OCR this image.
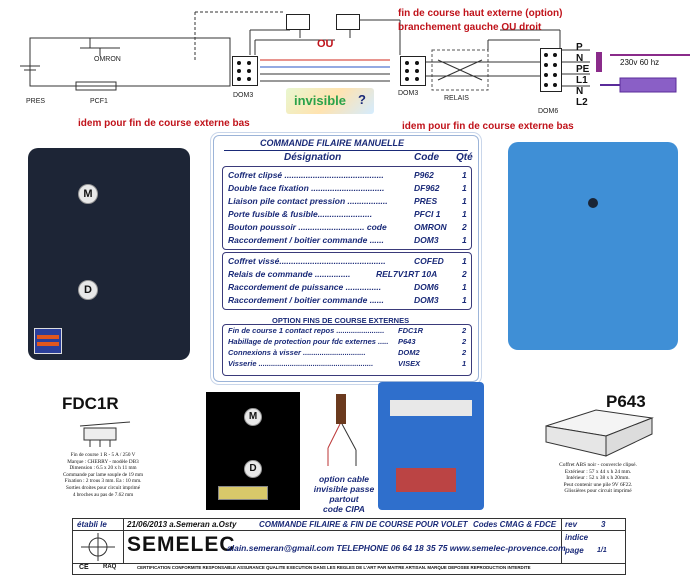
OMRON
PRES	PCF1
DOM3
OU
fin de course haut externe (option)
branchement gauche OU droit
DOM3
RELAIS
DOM6
P
N
PE
L1
N
L2
230v 60 hz
invisible ?
idem pour fin de course externe bas	idem pour fin de course externe bas
M
D
COMMANDE FILAIRE MANUELLE
Désignation	Code Qté
Coffret clipsé ..........................................	P962	1
Double face fixation ...............................	DF962	1
Liaison pile contact pression .................	PRES	1
Porte fusible & fusible.......................	PFCI 1	1
Bouton poussoir ............................ code	OMRON 2
Raccordement / boitier commande ......	DOM3	1
Coffret vissé.............................................	COFED 1
Relais de commande ...............	REL7V1RT 10A	2
Raccordement de puissance ...............	DOM6	1
Raccordement / boitier commande ......	DOM3	1
OPTION FINS DE COURSE EXTERNES
Fin de course 1 contact repos ....................... FDC1R	2
Habillage de protection pour fdc externes ..... P643	2
Connexions à visser ..............................	DOM2	2
Visserie .......................................................	VISEX	1
FDC1R
Fin de course 1 R - 5 A / 250 V
Marque : CHERRY - modèle DB3
Dimension : 6.5 x 20 x h 11 mm
Commande par lame souple de 19 mm
Fixation : 2 trous 3 mm. Ea : 10 mm.
Sorties droites pour circuit imprimé
4 broches au pas de 7.62 mm
M
D
option cable
invisible passe
partout
code CIPA
P643
Coffret ABS noir - couvercle clipsé.
Extérieur : 57 x 44 x h 24 mm.
Intérieur : 52 x 38 x h 20mm.
Peut contenir une pile 9V 6F22.
Glissières pour circuit imprimé
établi le	21/06/2013 a.Semeran a.Osty	COMMANDE FILAIRE & FIN DE COURSE POUR VOLET Codes CMAG & FDCE rev	3
indice
page 1/1
SEMELEC
alain.semeran@gmail.com TELEPHONE 06 64 18 35 75 www.semelec-provence.com
CE RAQ	CERTIFICATION CONFORMITE RESPONSABLE ASSURANCE QUALITE EXECUTION DANS LES REGLES DE L'ART PAR MAITRE ARTISAN. MARQUE DEPOSEE REPRODUCTION INTERDITE
